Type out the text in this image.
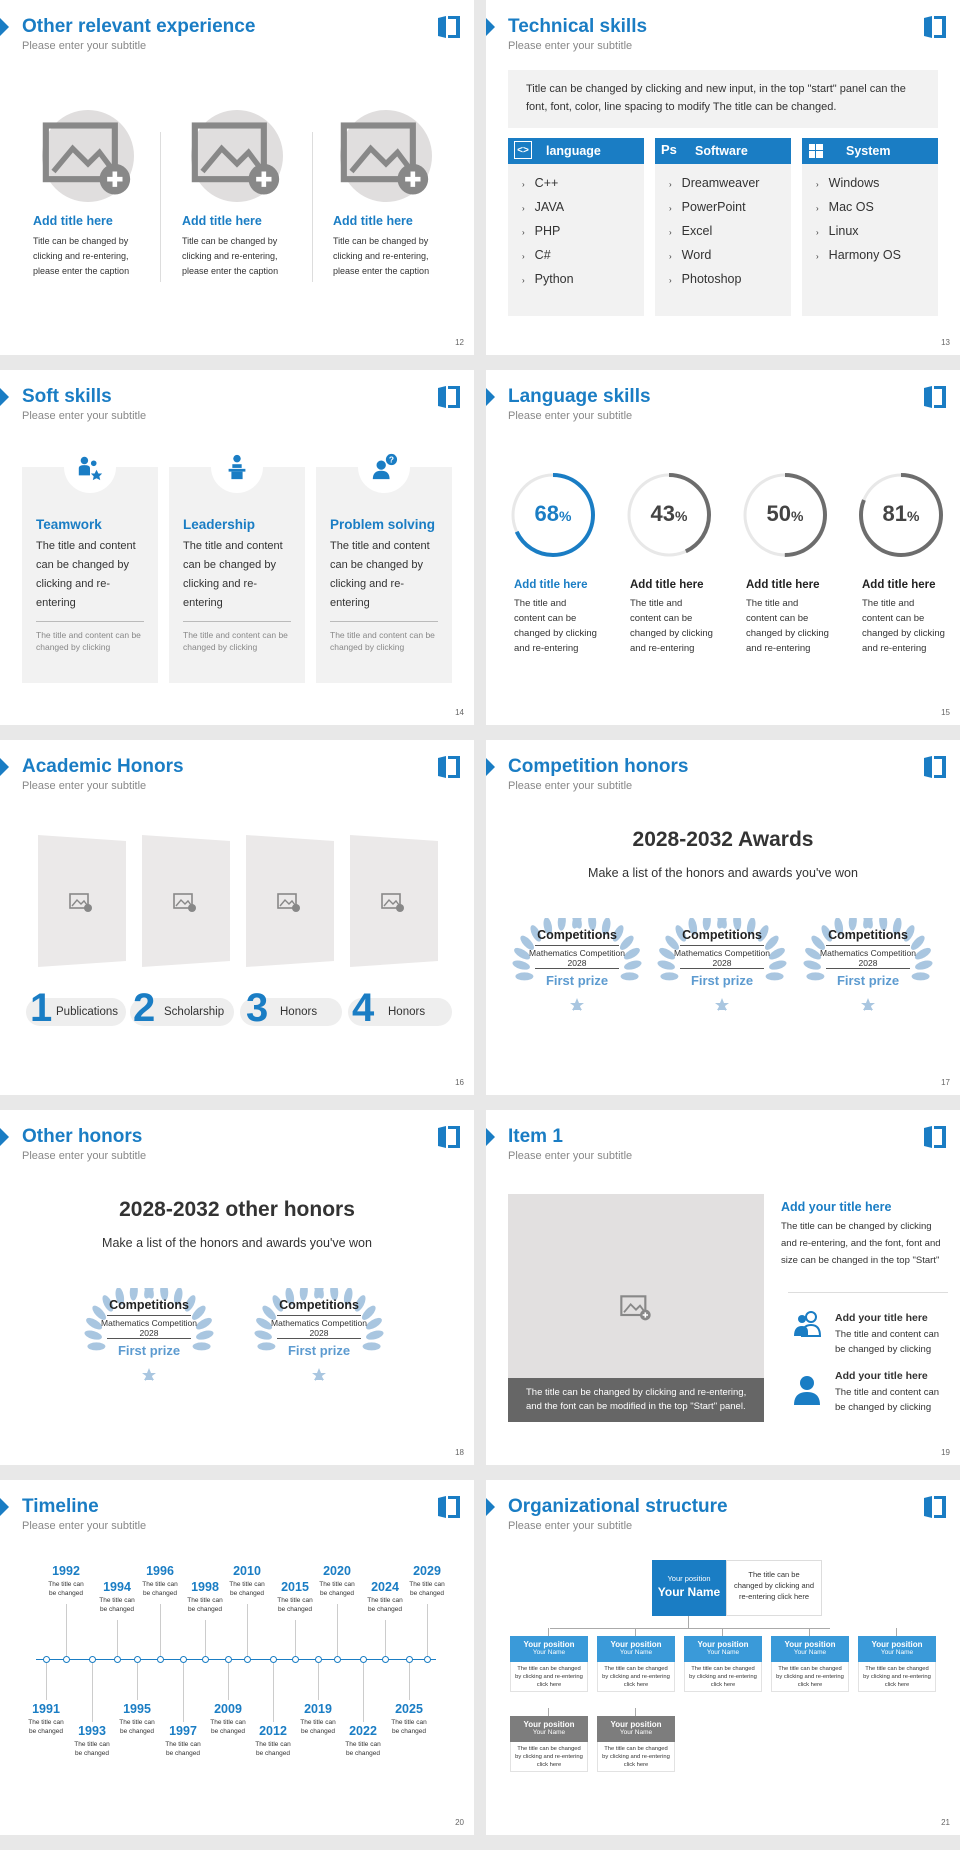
Other relevant experience
Please enter your subtitle
Add title here
Title can be changed by
clicking and re-entering,
please enter the caption
Add title here
Title can be changed by
clicking and re-entering,
please enter the caption
Add title here
Title can be changed by
clicking and re-entering,
please enter the caption
12
Technical skills
Please enter your subtitle
Title can be changed by clicking and new input, in the top "start" panel can the font, font, color, line spacing to modify The title can be changed.
<> language
› C++
› JAVA
› PHP
› C#
› Python
Ps Software
› Dreamweaver
› PowerPoint
› Excel
› Word
› Photoshop
System
› Windows
› Mac OS
› Linux
› Harmony OS
13
Soft skills
Please enter your subtitle
Teamwork
The title and content can be changed by clicking and re-entering
The title and content can be changed by clicking
Leadership
The title and content can be changed by clicking and re-entering
The title and content can be changed by clicking
Problem solving
The title and content can be changed by clicking and re-entering
The title and content can be changed by clicking
?
14
Language skills
Please enter your subtitle
68%
Add title here
The title and content can be changed by clicking and re-entering
43%
Add title here
The title and content can be changed by clicking and re-entering
50%
Add title here
The title and content can be changed by clicking and re-entering
81%
Add title here
The title and content can be changed by clicking and re-entering
15
Academic Honors
Please enter your subtitle
1 Publications 2 Scholarship 3 Honors 4 Honors
16
Competition honors
Please enter your subtitle
2028-2032 Awards
Make a list of the honors and awards you've won
Competitions
Mathematics Competition
2028
First prize
Competitions
Mathematics Competition
2028
First prize
Competitions
Mathematics Competition
2028
First prize
17
Other honors
Please enter your subtitle
2028-2032 other honors
Make a list of the honors and awards you've won
Competitions
Mathematics Competition
2028
First prize
Competitions
Mathematics Competition
2028
First prize
18
Item 1
Please enter your subtitle
The title can be changed by clicking and re-entering,
and the font can be modified in the top "Start" panel.
Add your title here
The title can be changed by clicking and re-entering, and the font, font and size can be changed in the top "Start"
Add your title here
The title and content can be changed by clicking
Add your title here
The title and content can be changed by clicking
19
Timeline
Please enter your subtitle
1992
The title can
be changed	1994
The title can
be changed
1996
The title can
be changed	1998
The title can
be changed
2010
The title can
be changed	2015
The title can
be changed
2020
The title can
be changed	2024
The title can
be changed
2029
The title can
be changed
1991
The title can
be changed	1993
The title can
be changed
1995
The title can
be changed	1997
The title can
be changed
2009
The title can
be changed	2012
The title can
be changed
2019
The title can
be changed	2022
The title can
be changed
2025
The title can
be changed
20
Organizational structure
Please enter your subtitle
Your position
Your Name
The title can be changed by clicking and re-entering click here
Your position
Your Name
The title can be changed by clicking and re-entering click here
Your position
Your Name
The title can be changed by clicking and re-entering click here
Your position
Your Name
The title can be changed by clicking and re-entering click here
Your position
Your Name
The title can be changed by clicking and re-entering click here
Your position
Your Name
The title can be changed by clicking and re-entering click here
Your position
Your Name
The title can be changed by clicking and re-entering click here
Your position
Your Name
The title can be changed by clicking and re-entering click here
21
